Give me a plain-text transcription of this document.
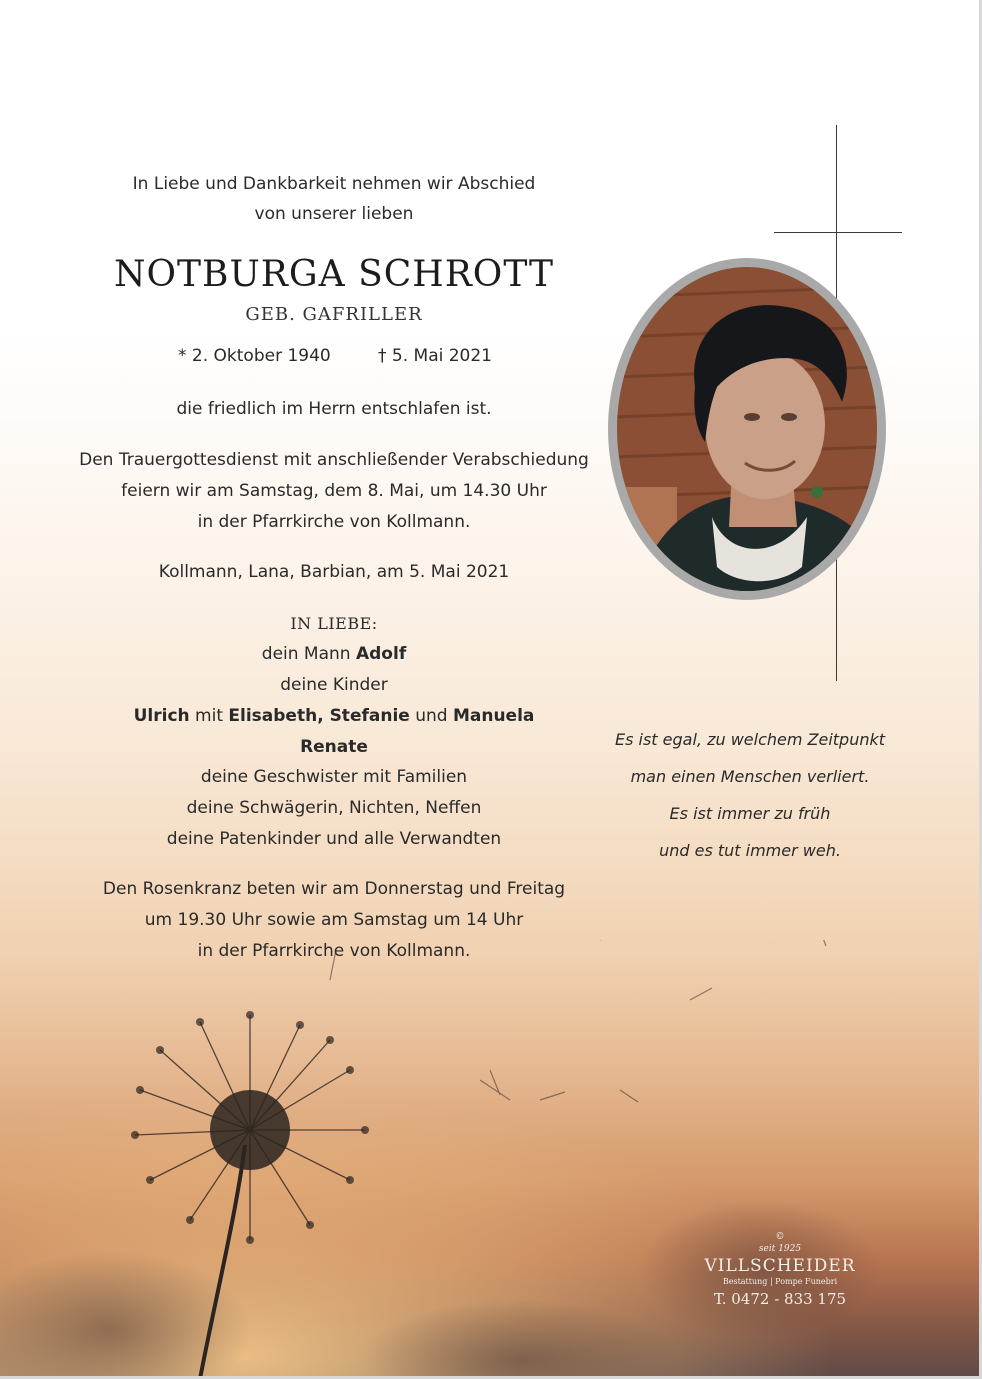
In Liebe und Dankbarkeit nehmen wir Abschied
von unserer lieben
NOTBURGA SCHROTT
GEB. GAFRILLER
* 2. Oktober 1940	† 5. Mai 2021
die friedlich im Herrn entschlafen ist.
Den Trauergottesdienst mit anschließender Verabschiedung
feiern wir am Samstag, dem 8. Mai, um 14.30 Uhr
in der Pfarrkirche von Kollmann.
Kollmann, Lana, Barbian, am 5. Mai 2021
IN LIEBE:
dein Mann Adolf
deine Kinder
Ulrich mit Elisabeth, Stefanie und Manuela
Renate
deine Geschwister mit Familien
deine Schwägerin, Nichten, Neffen
deine Patenkinder und alle Verwandten
Den Rosenkranz beten wir am Donnerstag und Freitag
um 19.30 Uhr sowie am Samstag um 14 Uhr
in der Pfarrkirche von Kollmann.
Es ist egal, zu welchem Zeitpunkt
man einen Menschen verliert.
Es ist immer zu früh
und es tut immer weh.
©
seit 1925
VILLSCHEIDER
Bestattung | Pompe Funebri
T. 0472 - 833 175
